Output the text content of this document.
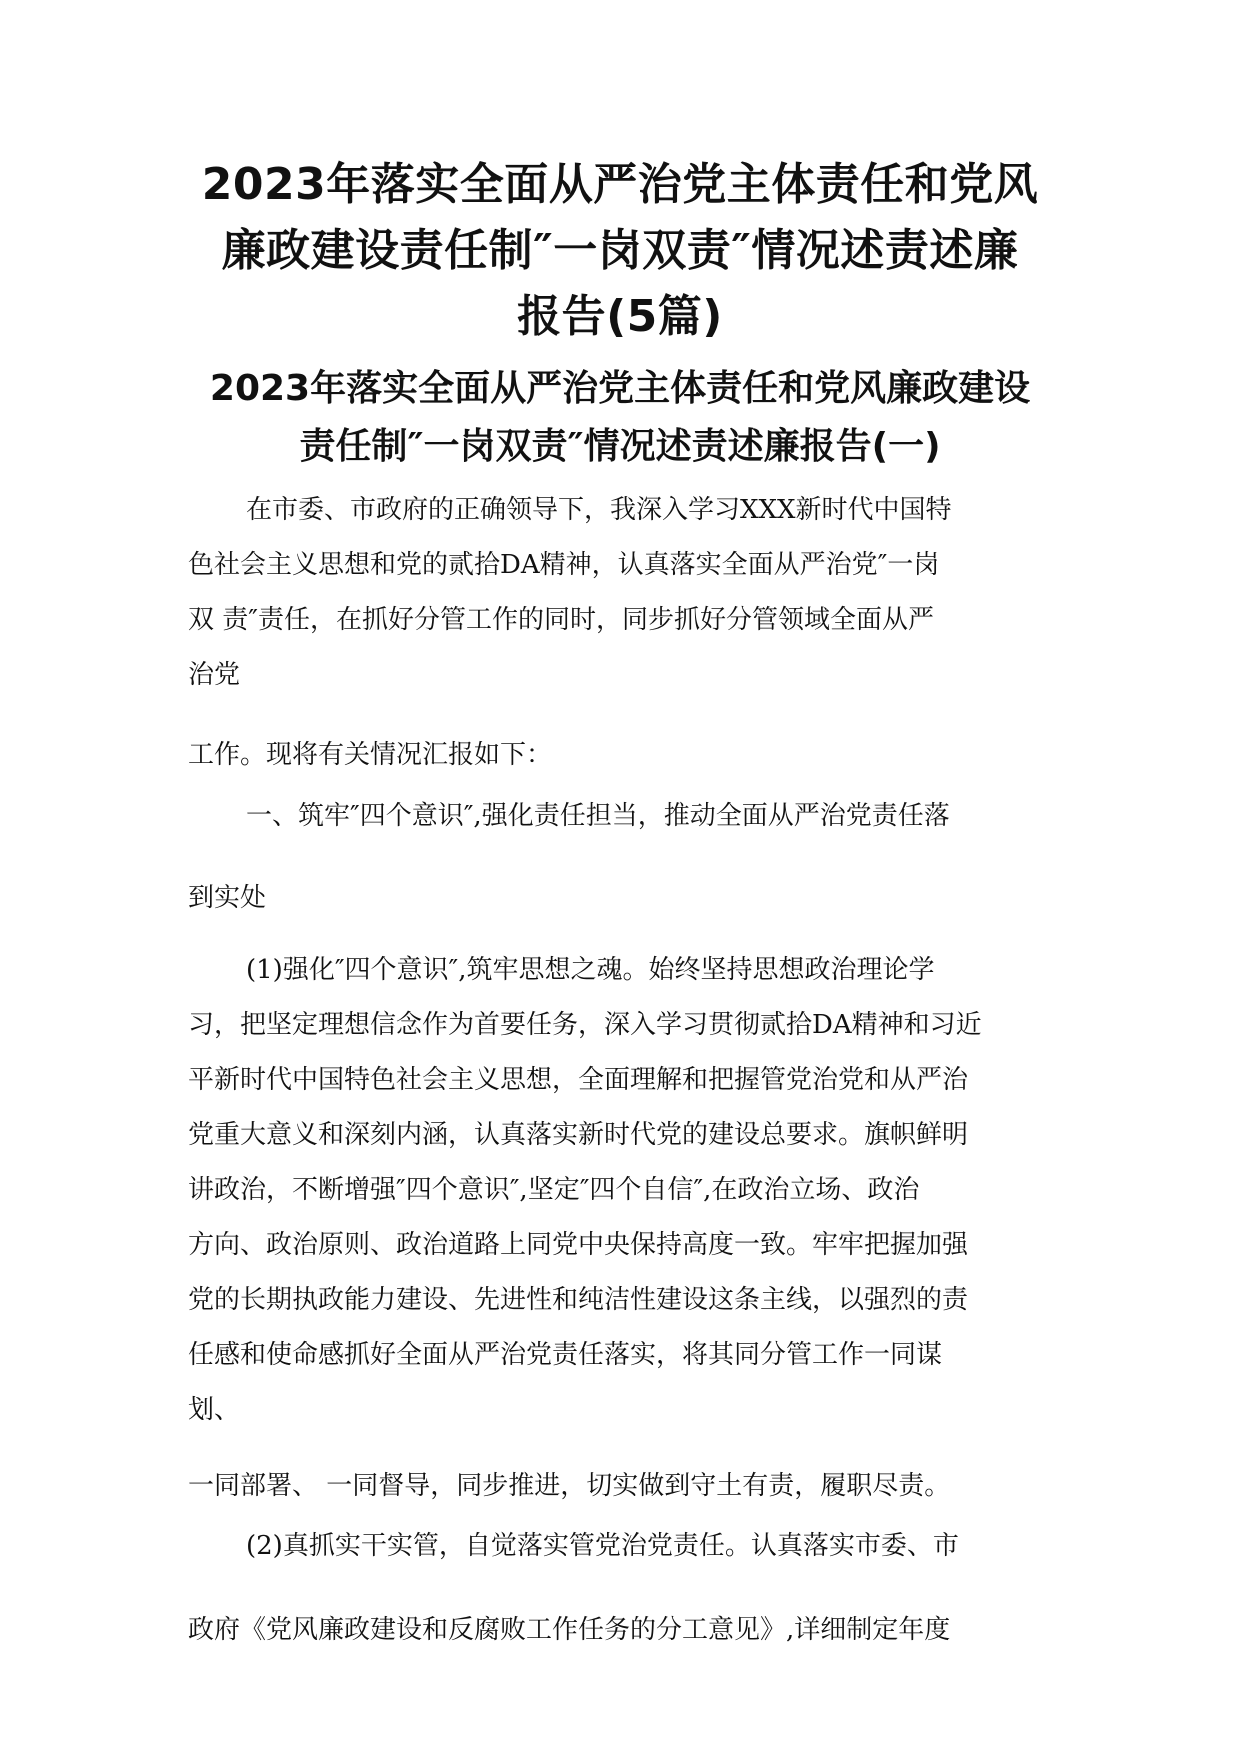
2023年落实全面从严治党主体责任和党风
廉政建设责任制″一岗双责″情况述责述廉
报告(5篇)
2023年落实全面从严治党主体责任和党风廉政建设
责任制″一岗双责″情况述责述廉报告(一)

在市委、市政府的正确领导下，我深入学习XXX新时代中国特

色社会主义思想和党的贰拾DA精神，认真落实全面从严治党″一岗

双 责″责任，在抓好分管工作的同时，同步抓好分管领域全面从严

治党

工作。现将有关情况汇报如下：

一、筑牢″四个意识″,强化责任担当，推动全面从严治党责任落

到实处

(1)强化″四个意识″,筑牢思想之魂。始终坚持思想政治理论学

习，把坚定理想信念作为首要任务，深入学习贯彻贰拾DA精神和习近

平新时代中国特色社会主义思想，全面理解和把握管党治党和从严治

党重大意义和深刻内涵，认真落实新时代党的建设总要求。旗帜鲜明

讲政治，不断增强″四个意识″,坚定″四个自信″,在政治立场、政治

方向、政治原则、政治道路上同党中央保持高度一致。牢牢把握加强

党的长期执政能力建设、先进性和纯洁性建设这条主线，以强烈的责

任感和使命感抓好全面从严治党责任落实，将其同分管工作一同谋

划、

一同部署、 一同督导，同步推进，切实做到守土有责，履职尽责。

(2)真抓实干实管，自觉落实管党治党责任。认真落实市委、市

政府《党风廉政建设和反腐败工作任务的分工意见》,详细制定年度
